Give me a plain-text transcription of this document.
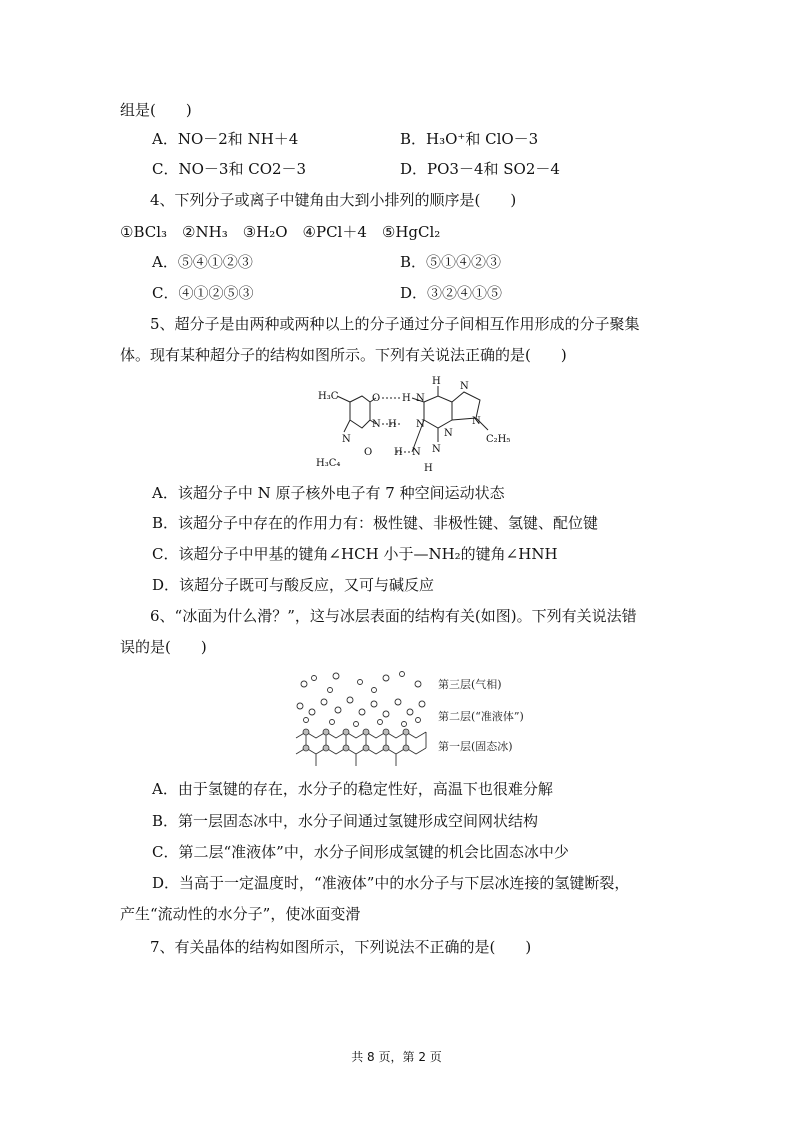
组是(　　)
A．NO－2和 NH＋4	B．H₃O⁺和 ClO－3
C．NO－3和 CO2－3	D．PO3－4和 SO2－4
4、下列分子或离子中键角由大到小排列的顺序是(　　)
①BCl₃　②NH₃　③H₂O　④PCl＋4　⑤HgCl₂
A．⑤④①②③	B．⑤①④②③
C．④①②⑤③	D．③②④①⑤
5、超分子是由两种或两种以上的分子通过分子间相互作用形成的分子聚集
体。现有某种超分子的结构如图所示。下列有关说法正确的是(　　)
H₃C	O H N
H
N H N
N
H₃C₄
O H N
H
N
N
N
C₂H₅
N
A．该超分子中 N 原子核外电子有 7 种空间运动状态
B．该超分子中存在的作用力有：极性键、非极性键、氢键、配位键
C．该超分子中甲基的键角∠HCH 小于—NH₂的键角∠HNH
D．该超分子既可与酸反应，又可与碱反应
6、“冰面为什么滑？”，这与冰层表面的结构有关(如图)。下列有关说法错
误的是(　　)
第三层(气相)
第二层(“准液体”)
第一层(固态冰)
A．由于氢键的存在，水分子的稳定性好，高温下也很难分解
B．第一层固态冰中，水分子间通过氢键形成空间网状结构
C．第二层“准液体”中，水分子间形成氢键的机会比固态冰中少
D．当高于一定温度时，“准液体”中的水分子与下层冰连接的氢键断裂，
产生“流动性的水分子”，使冰面变滑
7、有关晶体的结构如图所示，下列说法不正确的是(　　)
共 8 页，第 2 页
